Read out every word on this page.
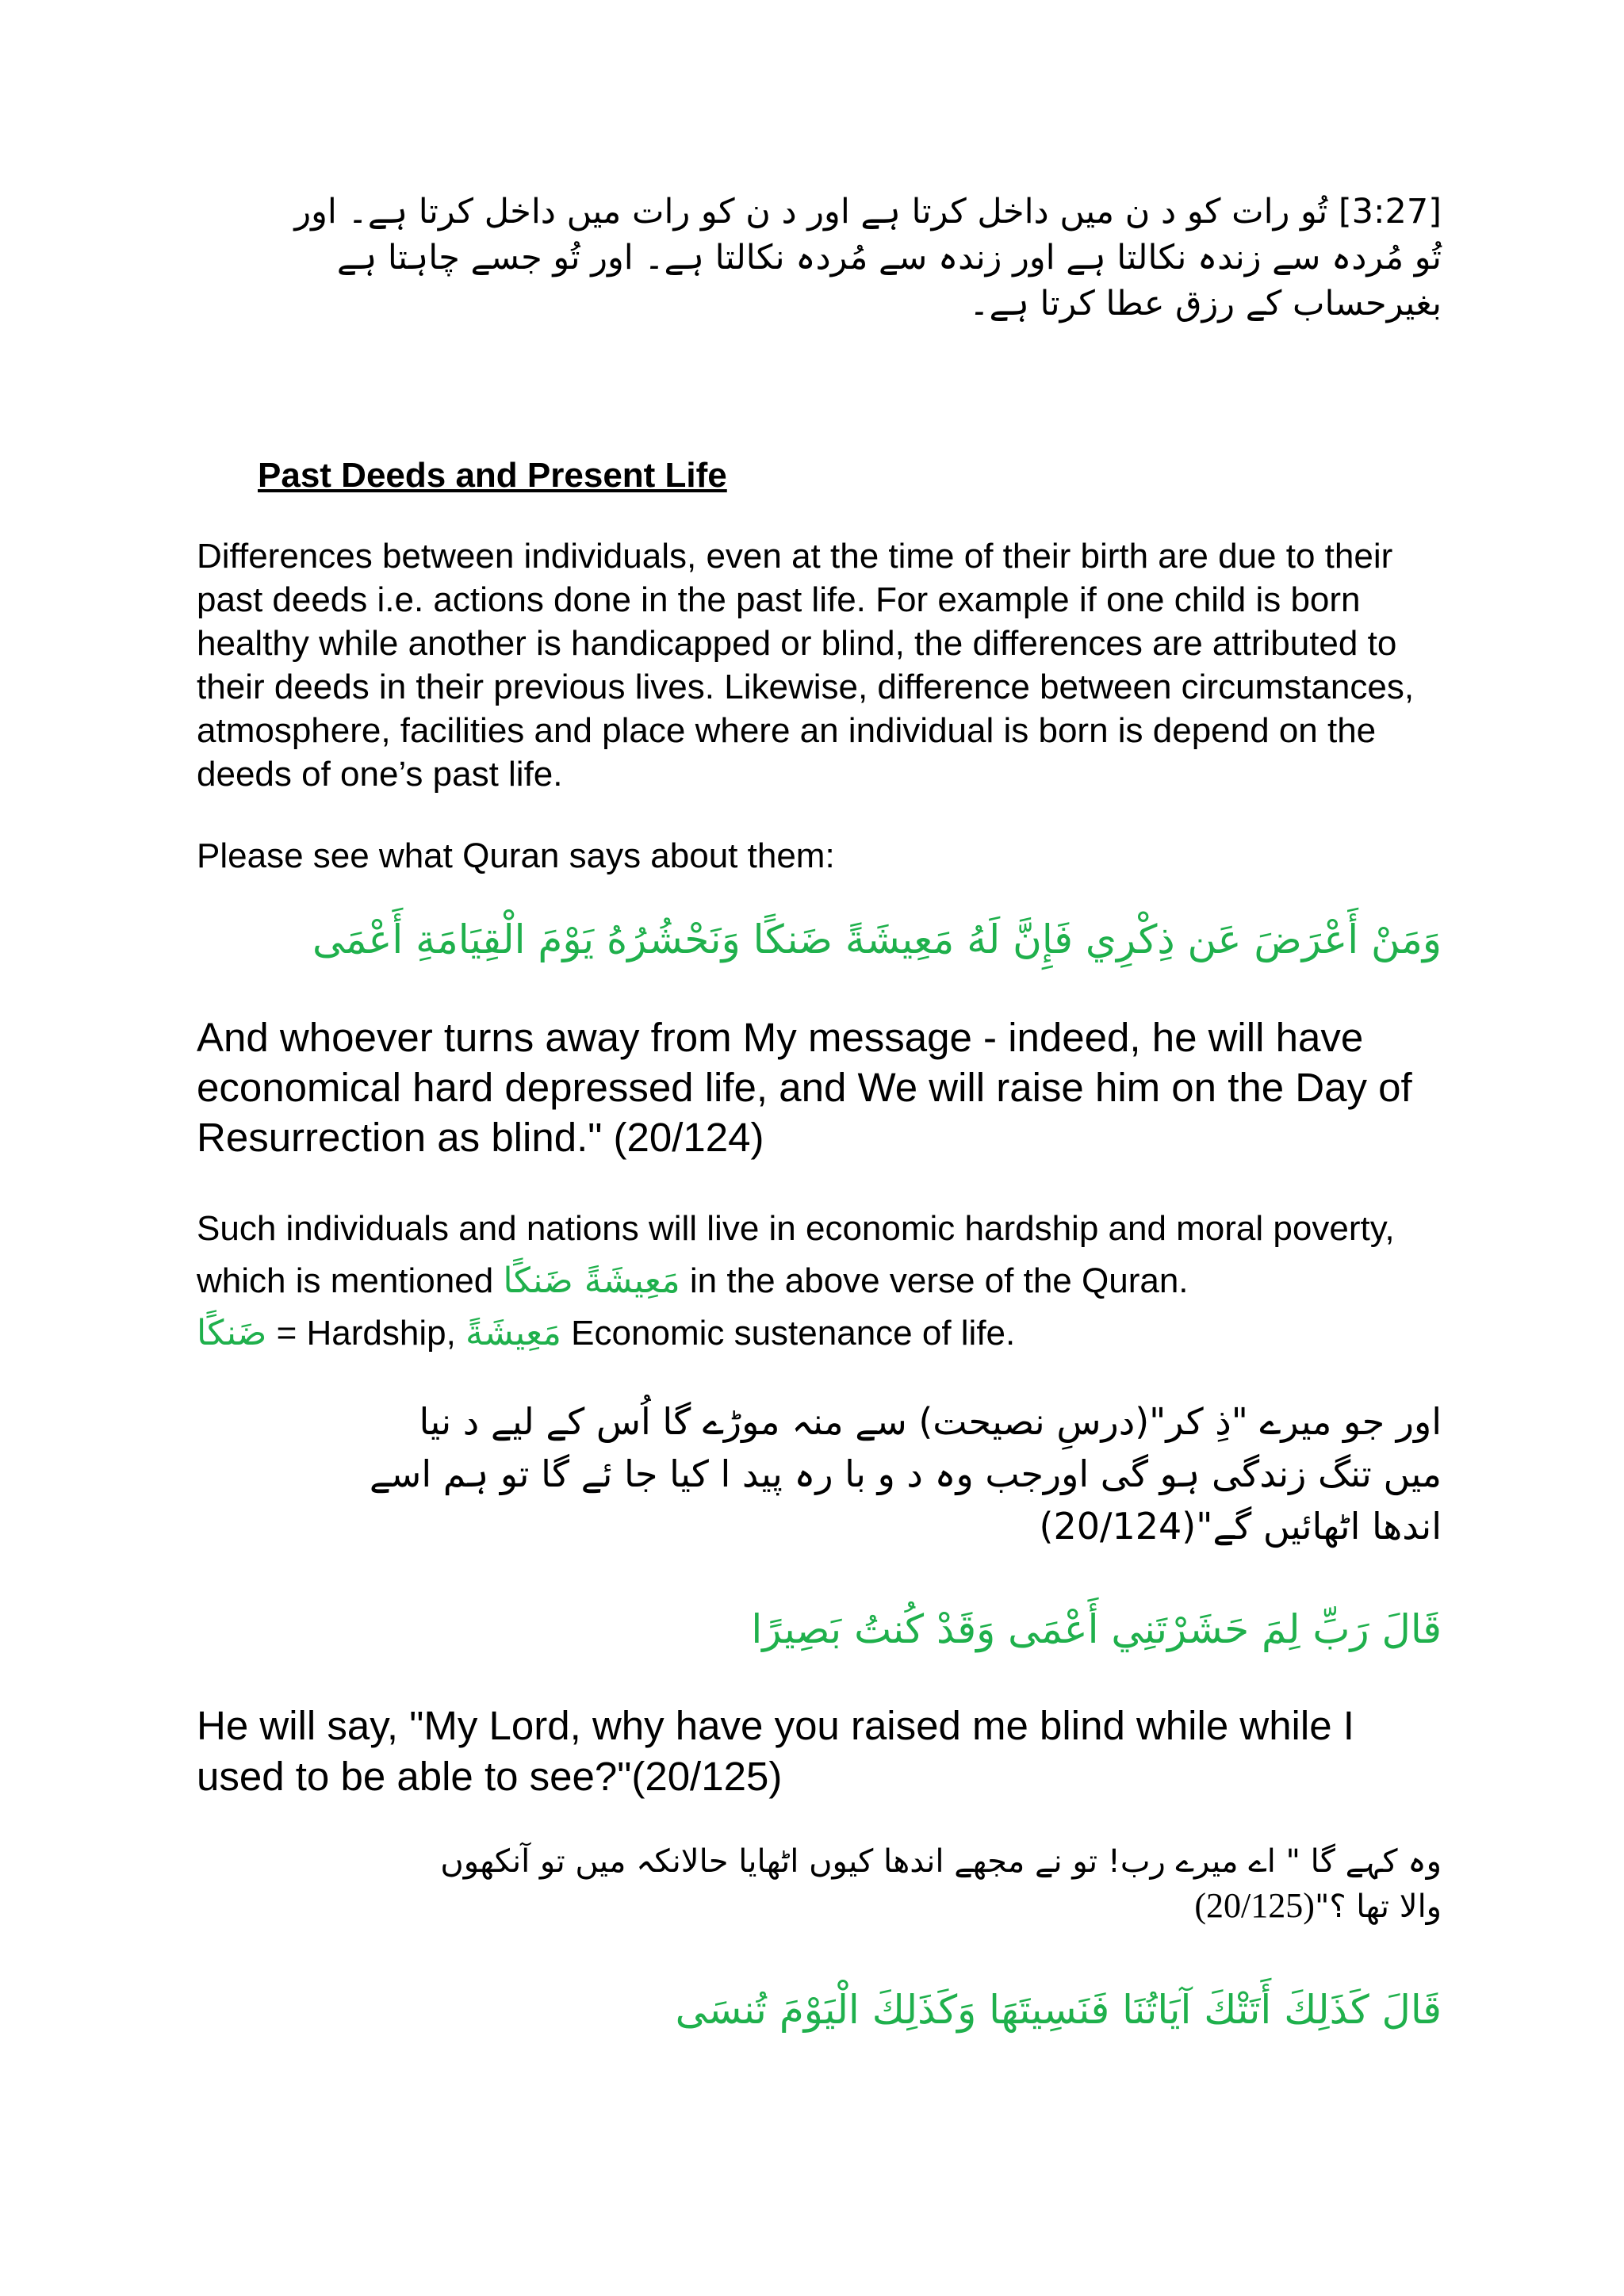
[3:27] تُو رات کو د ن میں داخل کرتا ہے اور د ن کو رات میں داخل کرتا ہے۔ اور
تُو مُردہ سے زندہ نکالتا ہے اور زندہ سے مُردہ نکالتا ہے۔ اور تُو جسے چاہتا ہے
بغیرحساب کے رزق عطا کرتا ہے۔
Past Deeds and Present Life

Differences between individuals, even at the time of their birth are due to their past deeds i.e. actions done in the past life. For example if one child is born healthy while another is handicapped or blind, the differences are attributed to their deeds in their previous lives. Likewise, difference between circumstances, atmosphere, facilities and place where an individual is born is depend on the deeds of one’s past life.

Please see what Quran says about them:

وَمَنْ أَعْرَضَ عَن ذِكْرِي فَإِنَّ لَهُ مَعِيشَةً ضَنكًا وَنَحْشُرُهُ يَوْمَ الْقِيَامَةِ أَعْمَى

And whoever turns away from My message - indeed, he will have economical hard depressed life, and We will raise him on the Day of Resurrection as blind." (20/124)

Such individuals and nations will live in economic hardship and moral poverty, which is mentioned مَعِيشَةً ضَنكًا in the above verse of the Quran.
ضَنكًا = Hardship, مَعِيشَةً Economic sustenance of life.

اور جو میرے "ذِ کر"(درسِ نصیحت) سے منہ موڑے گا اُس کے لیے د نیا
میں تنگ زندگی ہو گی اورجب وہ د و با رہ پید ا کیا جا ئے گا تو ہم اسے
اندھا اٹھائیں گے"(20/124)
قَالَ رَبِّ لِمَ حَشَرْتَنِي أَعْمَى وَقَدْ كُنتُ بَصِيرًا

He will say, "My Lord, why have you raised me blind while while I used to be able to see?"(20/125)

وہ کہے گا " اے میرے رب! تو نے مجھے اندھا کیوں اٹھایا حالانکہ میں تو آنکھوں
والا تھا ؟"(20/125)
قَالَ كَذَلِكَ أَتَتْكَ آيَاتُنَا فَنَسِيتَهَا وَكَذَلِكَ الْيَوْمَ تُنسَى
